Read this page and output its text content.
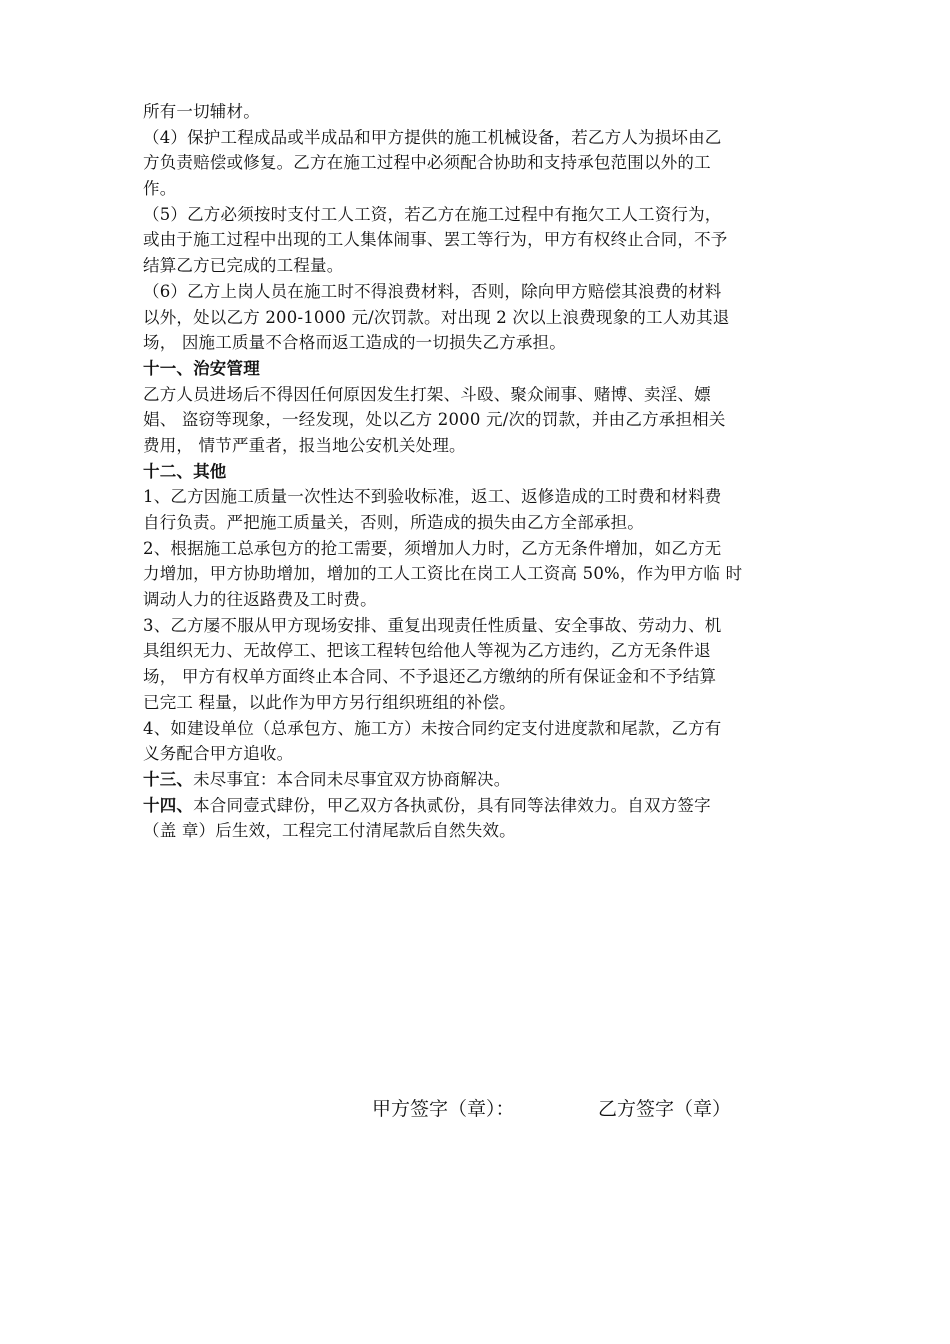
所有一切辅材。

（4）保护工程成品或半成品和甲方提供的施工机械设备，若乙方人为损坏由乙

方负责赔偿或修复。乙方在施工过程中必须配合协助和支持承包范围以外的工

作。

（5）乙方必须按时支付工人工资，若乙方在施工过程中有拖欠工人工资行为，

或由于施工过程中出现的工人集体闹事、罢工等行为，甲方有权终止合同，不予

结算乙方已完成的工程量。

（6）乙方上岗人员在施工时不得浪费材料，否则，除向甲方赔偿其浪费的材料

以外，处以乙方 200-1000 元/次罚款。对出现 2 次以上浪费现象的工人劝其退

场， 因施工质量不合格而返工造成的一切损失乙方承担。

十一、治安管理

乙方人员进场后不得因任何原因发生打架、斗殴、聚众闹事、赌博、卖淫、嫖

娼、 盗窃等现象，一经发现，处以乙方 2000 元/次的罚款，并由乙方承担相关

费用， 情节严重者，报当地公安机关处理。

十二、其他

1、乙方因施工质量一次性达不到验收标准，返工、返修造成的工时费和材料费

自行负责。严把施工质量关，否则，所造成的损失由乙方全部承担。

2、根据施工总承包方的抢工需要，须增加人力时，乙方无条件增加，如乙方无

力增加，甲方协助增加，增加的工人工资比在岗工人工资高 50%，作为甲方临 时

调动人力的往返路费及工时费。

3、乙方屡不服从甲方现场安排、重复出现责任性质量、安全事故、劳动力、机

具组织无力、无故停工、把该工程转包给他人等视为乙方违约，乙方无条件退

场， 甲方有权单方面终止本合同、不予退还乙方缴纳的所有保证金和不予结算

已完工 程量，以此作为甲方另行组织班组的补偿。

4、如建设单位（总承包方、施工方）未按合同约定支付进度款和尾款，乙方有

义务配合甲方追收。

十三、未尽事宜：本合同未尽事宜双方协商解决。

十四、本合同壹式肆份，甲乙双方各执贰份，具有同等法律效力。自双方签字

（盖 章）后生效，工程完工付清尾款后自然失效。

甲方签字（章）：	乙方签字（章）
